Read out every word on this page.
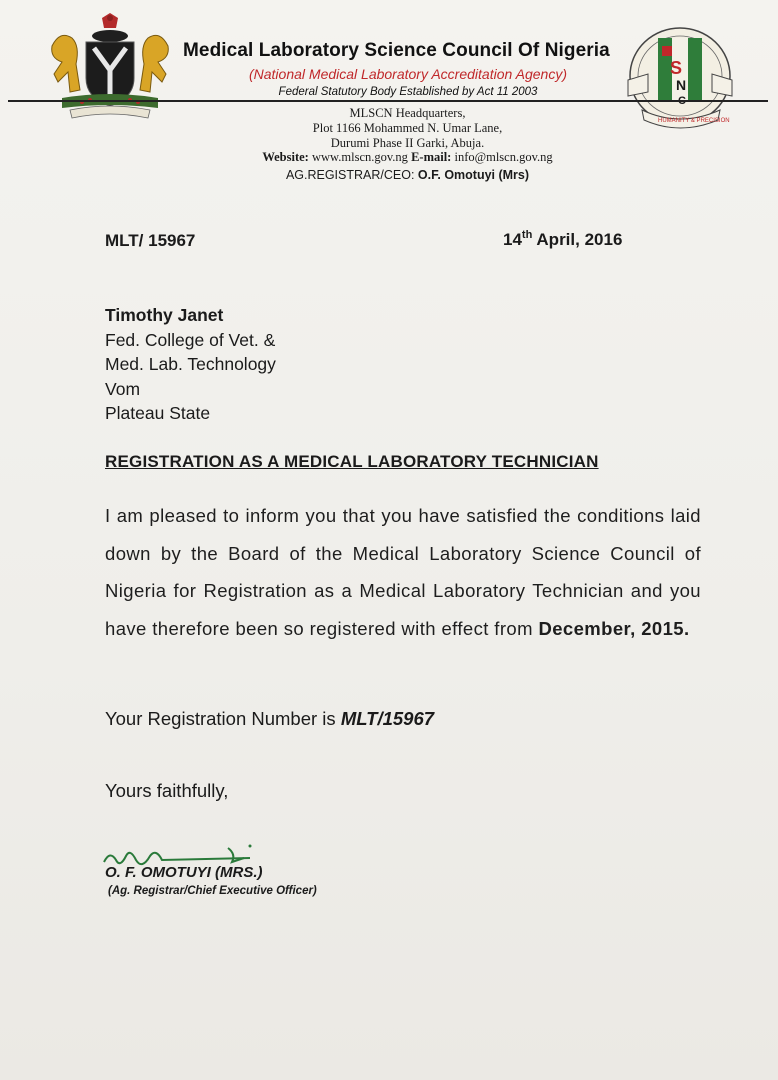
Medical Laboratory Science Council Of Nigeria
(National Medical Laboratory Accreditation Agency)
Federal Statutory Body Established by Act 11 2003
S
N
HUMANITY & PRECISION
MLSCN Headquarters,
Plot 1166 Mohammed N. Umar Lane,
Durumi Phase II Garki, Abuja.
Website: www.mlscn.gov.ng E-mail: info@mlscn.gov.ng
AG.REGISTRAR/CEO: O.F. Omotuyi (Mrs)
MLT/ 15967	14th April, 2016
Timothy Janet
Fed. College of Vet. &
Med. Lab. Technology
Vom
Plateau State
REGISTRATION AS A MEDICAL LABORATORY TECHNICIAN
I am pleased to inform you that you have satisfied the conditions laid down by the Board of the Medical Laboratory Science Council of Nigeria for Registration as a Medical Laboratory Technician and you have therefore been so registered with effect from December, 2015.
Your Registration Number is MLT/15967
Yours faithfully,
O. F. OMOTUYI (MRS.)
(Ag. Registrar/Chief Executive Officer)
